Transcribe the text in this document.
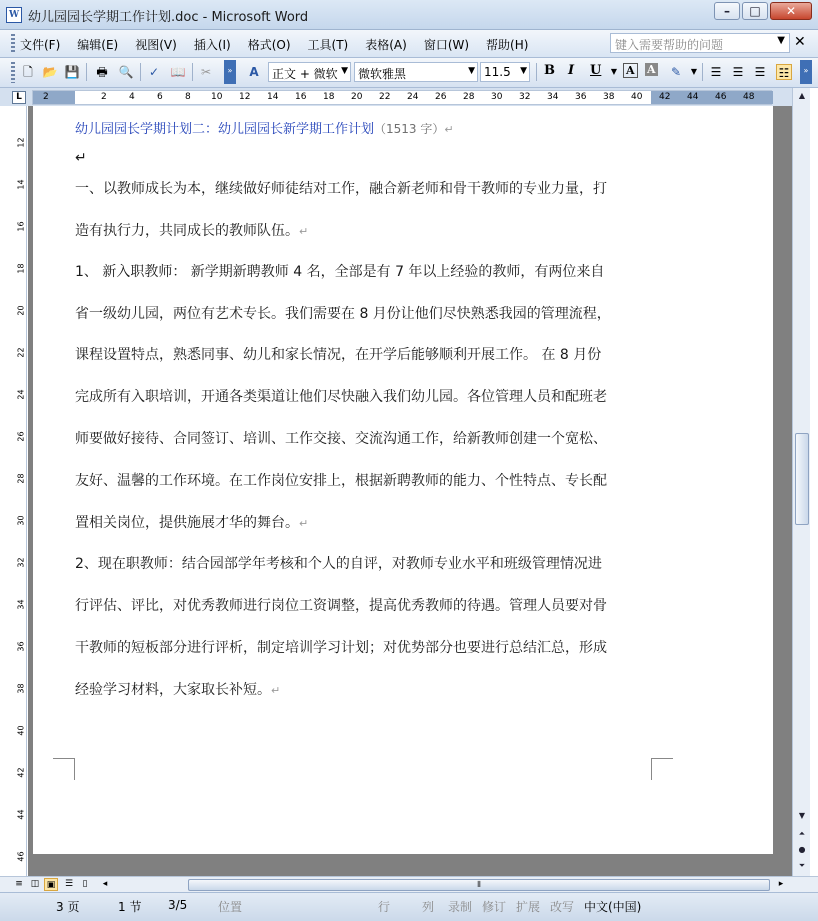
W 幼儿园园长学期工作计划.doc - Microsoft Word	–	□	✕
文件(F) 编辑(E) 视图(V) 插入(I) 格式(O) 工具(T) 表格(A) 窗口(W) 帮助(H)	键入需要帮助的问题	▼ ✕
🗋 📂 💾 🖶 🔍 ✓ 📖 ✂	» A	正文 + 微软 ▼ 微软雅黑	▼ 11.5 ▼ B I U	▼ A A ✎	▼	☰ ☰ ☰ ☷	»
L	2	2 4 6 8 10 12 14 16 18 20 22 24 26 28 30 32 34 36 38 40 42 44 46 48
12
14
16
18
20
22
24
26
28
30
32
34
36
38
40
42
44
46
幼儿园园长学期计划二：幼儿园园长新学期工作计划（1513 字）↵
↵
一、以教师成长为本，继续做好师徒结对工作，融合新老师和骨干教师的专业力量，打
造有执行力，共同成长的教师队伍。↵
1、 新入职教师： 新学期新聘教师 4 名，全部是有 7 年以上经验的教师，有两位来自
省一级幼儿园，两位有艺术专长。我们需要在 8 月份让他们尽快熟悉我园的管理流程，
课程设置特点，熟悉同事、幼儿和家长情况，在开学后能够顺利开展工作。 在 8 月份
完成所有入职培训，开通各类渠道让他们尽快融入我们幼儿园。各位管理人员和配班老
师要做好接待、合同签订、培训、工作交接、交流沟通工作，给新教师创建一个宽松、
友好、温馨的工作环境。在工作岗位安排上，根据新聘教师的能力、个性特点、专长配
置相关岗位，提供施展才华的舞台。↵
2、现在职教师：结合园部学年考核和个人的自评，对教师专业水平和班级管理情况进
行评估、评比，对优秀教师进行岗位工资调整，提高优秀教师的待遇。管理人员要对骨
干教师的短板部分进行评析，制定培训学习计划；对优势部分也要进行总结汇总，形成
经验学习材料，大家取长补短。↵
▲
▼
⏶
●
⏷
≡ ◫ ▣	☰	▯	◂	⦀	▸
3 页	1 节 3/5	位置	行	列 录制 修订 扩展 改写 中文(中国)
